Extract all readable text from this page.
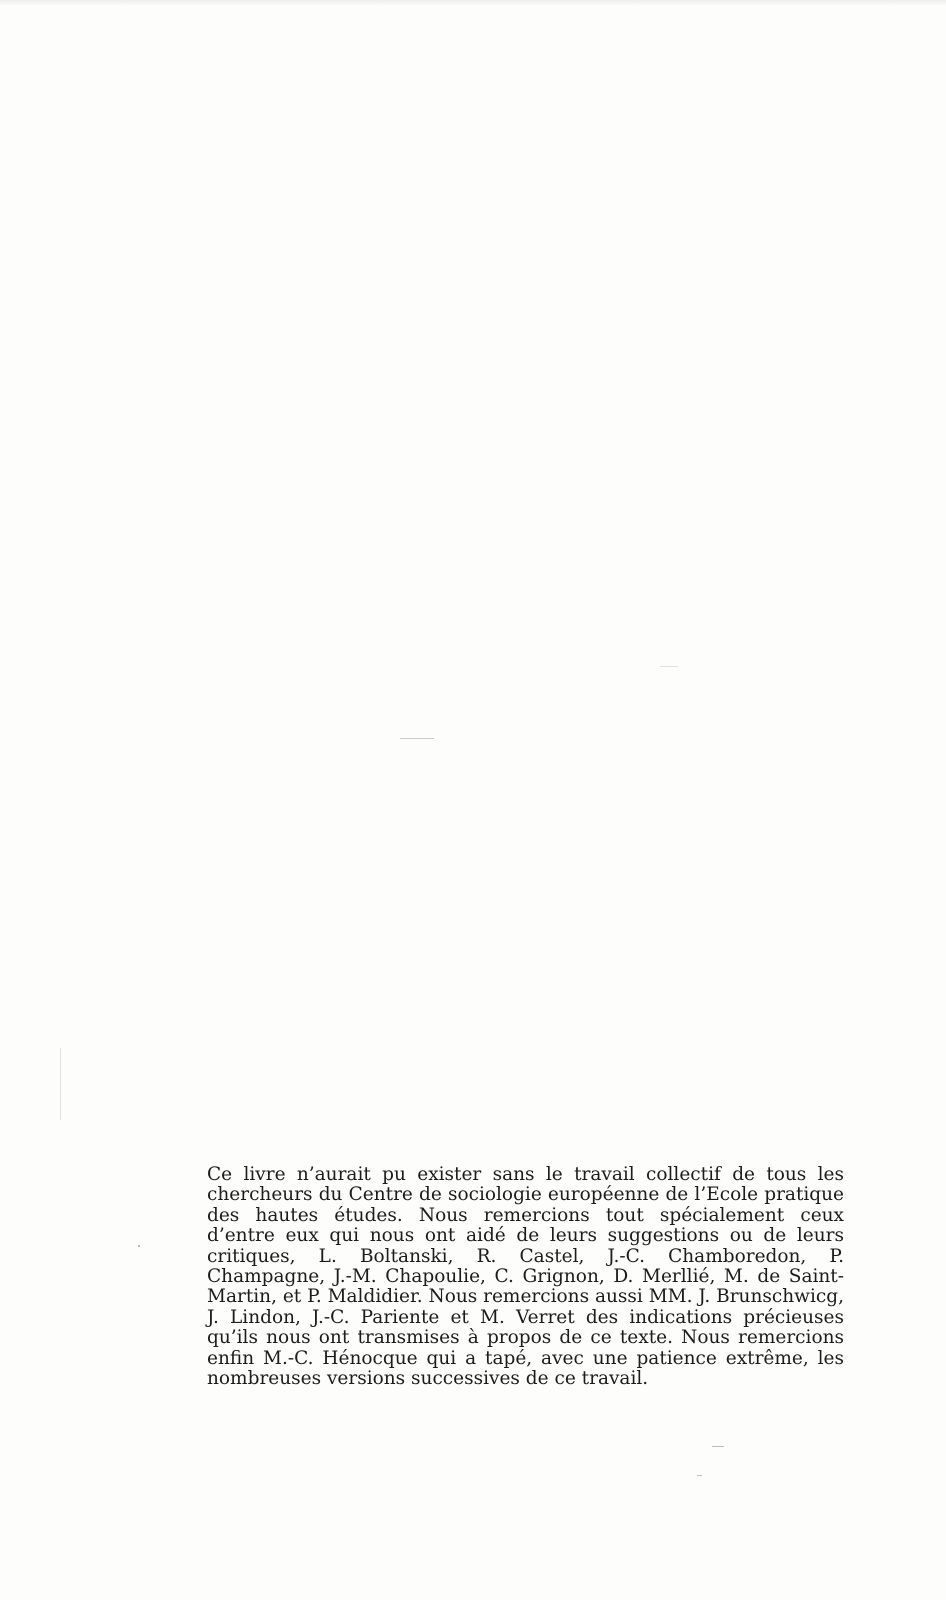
Ce livre n’aurait pu exister sans le travail collectif de tous les chercheurs du Centre de sociologie européenne de l’Ecole pratique des hautes études. Nous remercions tout spécialement ceux d’entre eux qui nous ont aidé de leurs suggestions ou de leurs critiques, L. Boltanski, R. Castel, J.-C. Chamboredon, P. Champagne, J.-M. Chapoulie, C. Grignon, D. Merllié, M. de Saint-Martin, et P. Maldidier. Nous remercions aussi MM. J. Brunschwicg, J. Lindon, J.-C. Pariente et M. Verret des indications précieuses qu’ils nous ont transmises à propos de ce texte. Nous remercions enfin M.-C. Hénocque qui a tapé, avec une patience extrême, les nombreuses versions successives de ce travail.
